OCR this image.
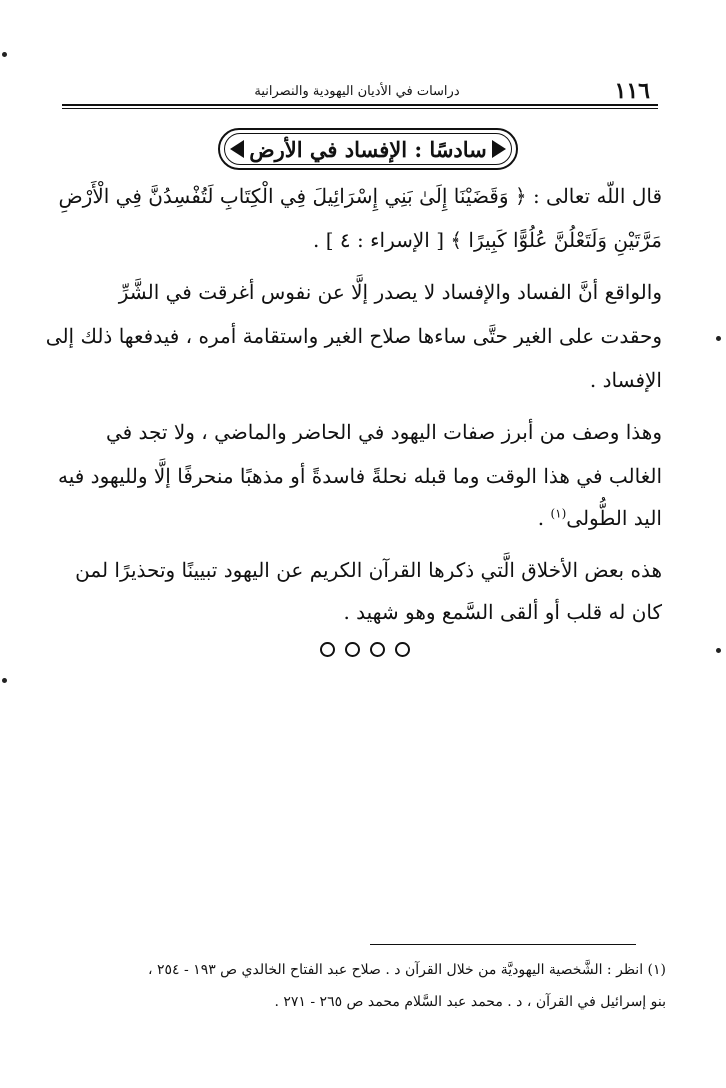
١١٦
دراسات في الأديان اليهودية والنصرانية
سادسًا : الإفساد في الأرض
قال اللّه تعالى : ﴿ وَقَضَيْنَا إِلَىٰ بَنِي إِسْرَائِيلَ فِي الْكِتَابِ لَتُفْسِدُنَّ فِي الْأَرْضِ
مَرَّتَيْنِ وَلَتَعْلُنَّ عُلُوًّا كَبِيرًا ﴾ [ الإسراء : ٤ ] .
والواقع أنَّ الفساد والإفساد لا يصدر إلَّا عن نفوس أغرقت في الشَّرِّ
وحقدت على الغير حتَّى ساءها صلاح الغير واستقامة أمره ، فيدفعها ذلك إلى
الإفساد .
وهذا وصف من أبرز صفات اليهود في الحاضر والماضي ، ولا تجد في
الغالب في هذا الوقت وما قبله نحلةً فاسدةً أو مذهبًا منحرفًا إلَّا ولليهود فيه
اليد الطُّولى$^{(١)}$ .
هذه بعض الأخلاق الَّتي ذكرها القرآن الكريم عن اليهود تبيينًا وتحذيرًا لمن
كان له قلب أو ألقى السَّمع وهو شهيد .
(١) انظر : الشَّخصية اليهوديَّة من خلال القرآن د . صلاح عبد الفتاح الخالدي ص ١٩٣ - ٢٥٤ ،
بنو إسرائيل في القرآن ، د . محمد عبد السَّلام محمد ص ٢٦٥ - ٢٧١ .
